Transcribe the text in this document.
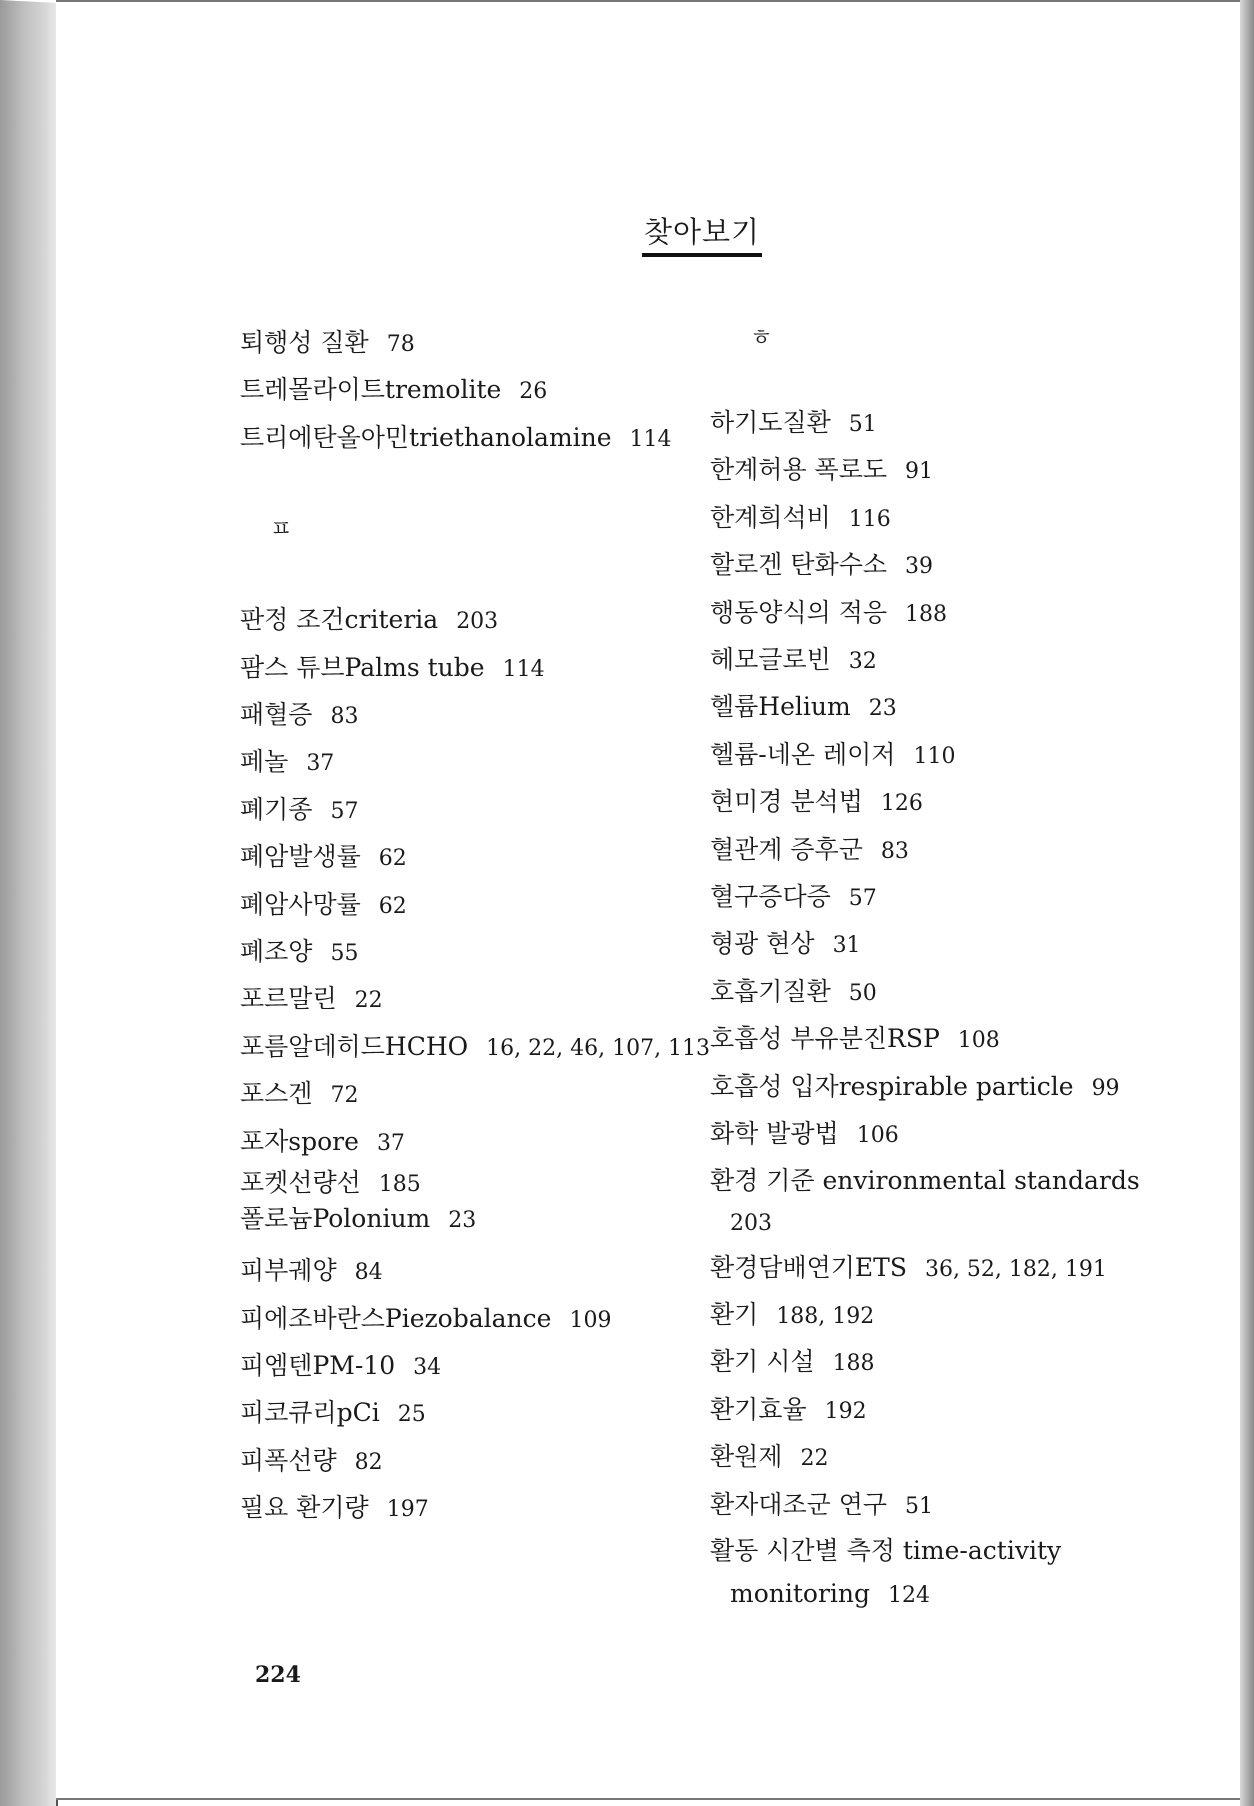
찾아보기
퇴행성 질환 78
트레몰라이트tremolite 26
트리에탄올아민triethanolamine 114
ㅍ
판정 조건criteria 203
팜스 튜브Palms tube 114
패혈증 83
페놀 37
폐기종 57
폐암발생률 62
폐암사망률 62
폐조양 55
포르말린 22
포름알데히드HCHO 16, 22, 46, 107, 113
포스겐 72
포자spore 37
포켓선량선 185
폴로늄Polonium 23
피부궤양 84
피에조바란스Piezobalance 109
피엠텐PM-10 34
피코큐리pCi 25
피폭선량 82
필요 환기량 197
ㅎ
하기도질환 51
한계허용 폭로도 91
한계희석비 116
할로겐 탄화수소 39
행동양식의 적응 188
헤모글로빈 32
헬륨Helium 23
헬륨-네온 레이저 110
현미경 분석법 126
혈관계 증후군 83
혈구증다증 57
형광 현상 31
호흡기질환 50
호흡성 부유분진RSP 108
호흡성 입자respirable particle 99
화학 발광법 106
환경 기준 environmental standards
203
환경담배연기ETS 36, 52, 182, 191
환기 188, 192
환기 시설 188
환기효율 192
환원제 22
환자대조군 연구 51
활동 시간별 측정 time-activity
monitoring 124
224
